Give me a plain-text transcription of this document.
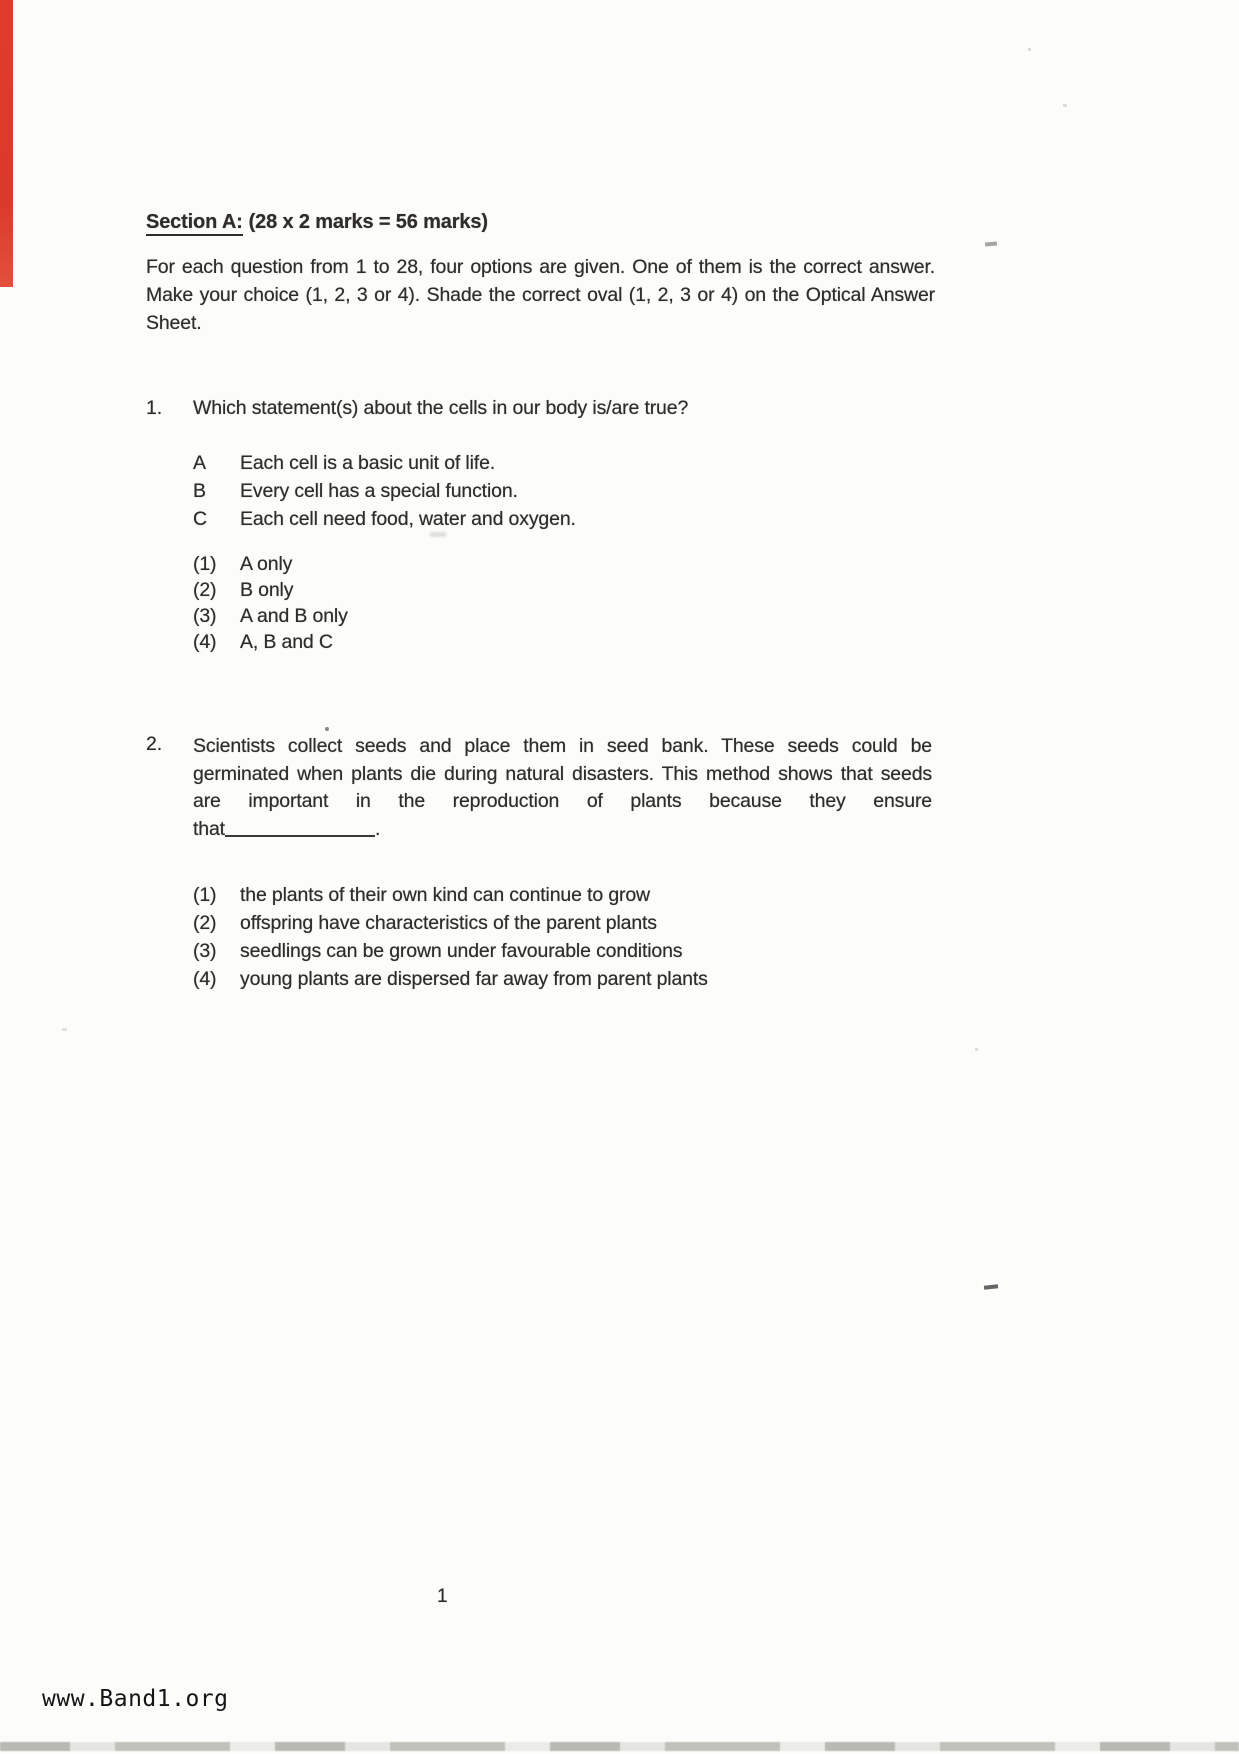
Section A: (28 x 2 marks = 56 marks)
For each question from 1 to 28, four options are given. One of them is the correct answer.
Make your choice (1, 2, 3 or 4). Shade the correct oval (1, 2, 3 or 4) on the Optical Answer
Sheet.
1. Which statement(s) about the cells in our body is/are true?
A	Each cell is a basic unit of life.
B	Every cell has a special function.
C	Each cell need food, water and oxygen.
(1)	A only
(2)	B only
(3)	A and B only
(4)	A, B and C
2. Scientists collect seeds and place them in seed bank. These seeds could be
germinated when plants die during natural disasters. This method shows that seeds
are important in the reproduction of plants because they ensure
that	.
(1)	the plants of their own kind can continue to grow
(2)	offspring have characteristics of the parent plants
(3)	seedlings can be grown under favourable conditions
(4)	young plants are dispersed far away from parent plants
1
www.Band1.org
